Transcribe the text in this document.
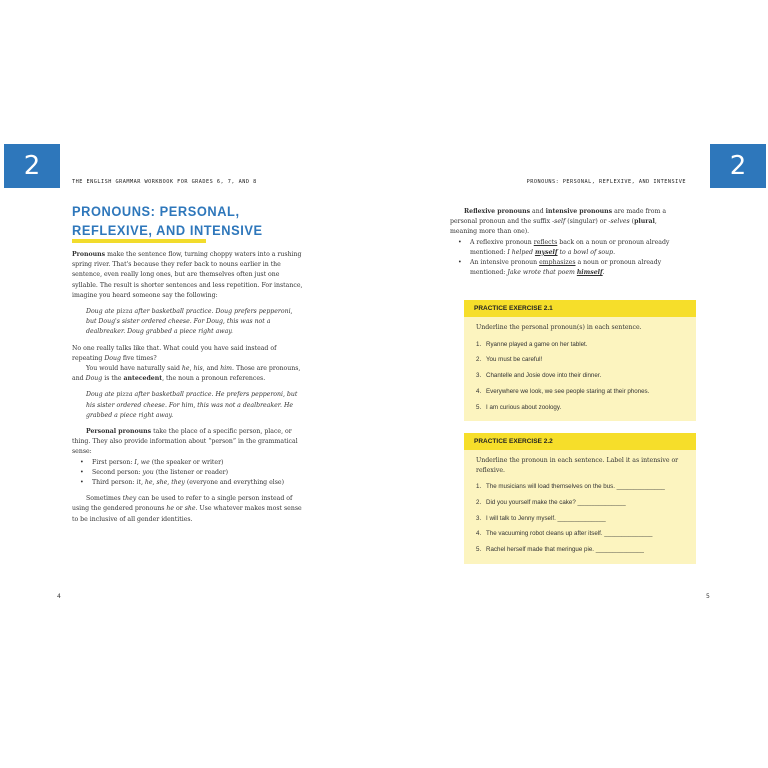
2
THE ENGLISH GRAMMAR WORKBOOK FOR GRADES 6, 7, AND 8
PRONOUNS: PERSONAL,
REFLEXIVE, AND INTENSIVE

Pronouns make the sentence flow, turning choppy waters into a rushing spring river. That's because they refer back to nouns earlier in the sentence, even really long ones, but are themselves often just one syllable. The result is shorter sentences and less repetition. For instance, imagine you heard someone say the following:

Doug ate pizza after basketball practice. Doug prefers pepperoni, but Doug's sister ordered cheese. For Doug, this was not a dealbreaker. Doug grabbed a piece right away.

No one really talks like that. What could you have said instead of repeating Doug five times?

You would have naturally said he, his, and him. Those are pronouns, and Doug is the antecedent, the noun a pronoun references.

Doug ate pizza after basketball practice. He prefers pepperoni, but his sister ordered cheese. For him, this was not a dealbreaker. He grabbed a piece right away.

Personal pronouns take the place of a specific person, place, or thing. They also provide information about “person” in the grammatical sense:

• First person: I, we (the speaker or writer)
• Second person: you (the listener or reader)
• Third person: it, he, she, they (everyone and everything else)

Sometimes they can be used to refer to a single person instead of using the gendered pronouns he or she. Use whatever makes most sense to be inclusive of all gender identities.

4
2
PRONOUNS: PERSONAL, REFLEXIVE, AND INTENSIVE

Reflexive pronouns and intensive pronouns are made from a personal pronoun and the suffix -self (singular) or -selves (plural, meaning more than one).

• A reflexive pronoun reflects back on a noun or pronoun already mentioned: I helped myself to a bowl of soup.
• An intensive pronoun emphasizes a noun or pronoun already mentioned: Jake wrote that poem himself.
PRACTICE EXERCISE 2.1
Underline the personal pronoun(s) in each sentence.
1. Ryanne played a game on her tablet.
2. You must be careful!
3. Chantelle and Josie dove into their dinner.
4. Everywhere we look, we see people staring at their phones.
5. I am curious about zoology.
PRACTICE EXERCISE 2.2
Underline the pronoun in each sentence. Label it as intensive or reflexive.
1. The musicians will load themselves on the bus. ______________
2. Did you yourself make the cake? ______________
3. I will talk to Jenny myself. ______________
4. The vacuuming robot cleans up after itself. ______________
5. Rachel herself made that meringue pie. ______________
5
